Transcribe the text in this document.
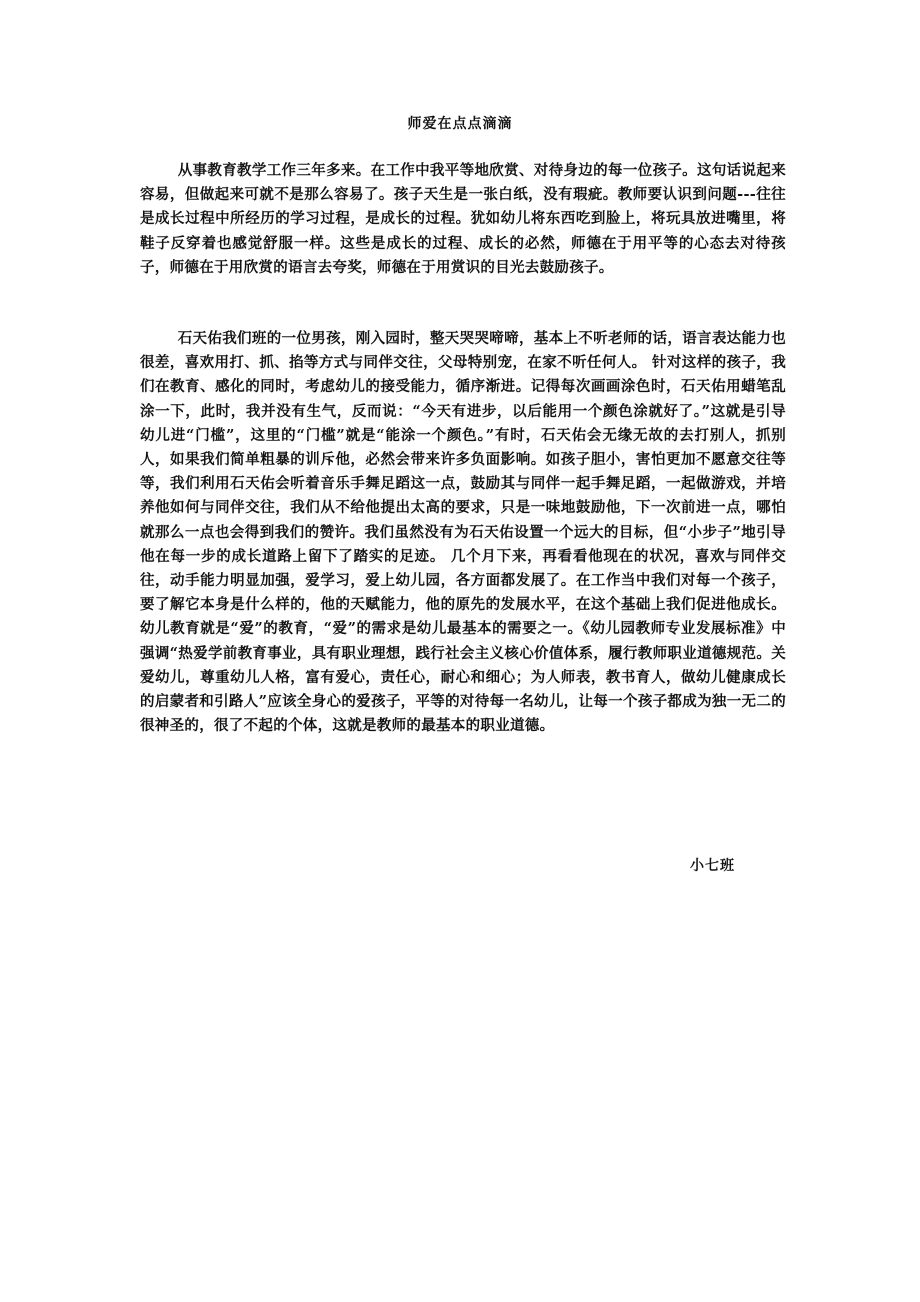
师爱在点点滴滴

从事教育教学工作三年多来。在工作中我平等地欣赏、对待身边的每一位孩子。这句话说起来容易，但做起来可就不是那么容易了。孩子天生是一张白纸，没有瑕疵。教师要认识到问题---往往是成长过程中所经历的学习过程，是成长的过程。犹如幼儿将东西吃到脸上，将玩具放进嘴里，将鞋子反穿着也感觉舒服一样。这些是成长的过程、成长的必然，师德在于用平等的心态去对待孩子，师德在于用欣赏的语言去夸奖，师德在于用赏识的目光去鼓励孩子。

石天佑我们班的一位男孩，刚入园时，整天哭哭啼啼，基本上不听老师的话，语言表达能力也很差，喜欢用打、抓、掐等方式与同伴交往，父母特别宠，在家不听任何人。 针对这样的孩子，我们在教育、感化的同时，考虑幼儿的接受能力，循序渐进。记得每次画画涂色时，石天佑用蜡笔乱涂一下，此时，我并没有生气，反而说：“今天有进步，以后能用一个颜色涂就好了。”这就是引导幼儿进“门槛”，这里的“门槛”就是“能涂一个颜色。”有时，石天佑会无缘无故的去打别人，抓别人，如果我们简单粗暴的训斥他，必然会带来许多负面影响。如孩子胆小，害怕更加不愿意交往等等，我们利用石天佑会听着音乐手舞足蹈这一点，鼓励其与同伴一起手舞足蹈，一起做游戏，并培养他如何与同伴交往，我们从不给他提出太高的要求，只是一味地鼓励他，下一次前进一点，哪怕就那么一点也会得到我们的赞许。我们虽然没有为石天佑设置一个远大的目标，但“小步子”地引导他在每一步的成长道路上留下了踏实的足迹。 几个月下来，再看看他现在的状况，喜欢与同伴交往，动手能力明显加强，爱学习，爱上幼儿园，各方面都发展了。在工作当中我们对每一个孩子，要了解它本身是什么样的，他的天赋能力，他的原先的发展水平，在这个基础上我们促进他成长。幼儿教育就是“爱”的教育，“爱”的需求是幼儿最基本的需要之一。《幼儿园教师专业发展标准》中强调“热爱学前教育事业，具有职业理想，践行社会主义核心价值体系，履行教师职业道德规范。关爱幼儿，尊重幼儿人格，富有爱心，责任心，耐心和细心；为人师表，教书育人，做幼儿健康成长的启蒙者和引路人”应该全身心的爱孩子，平等的对待每一名幼儿，让每一个孩子都成为独一无二的很神圣的，很了不起的个体，这就是教师的最基本的职业道德。

小七班
